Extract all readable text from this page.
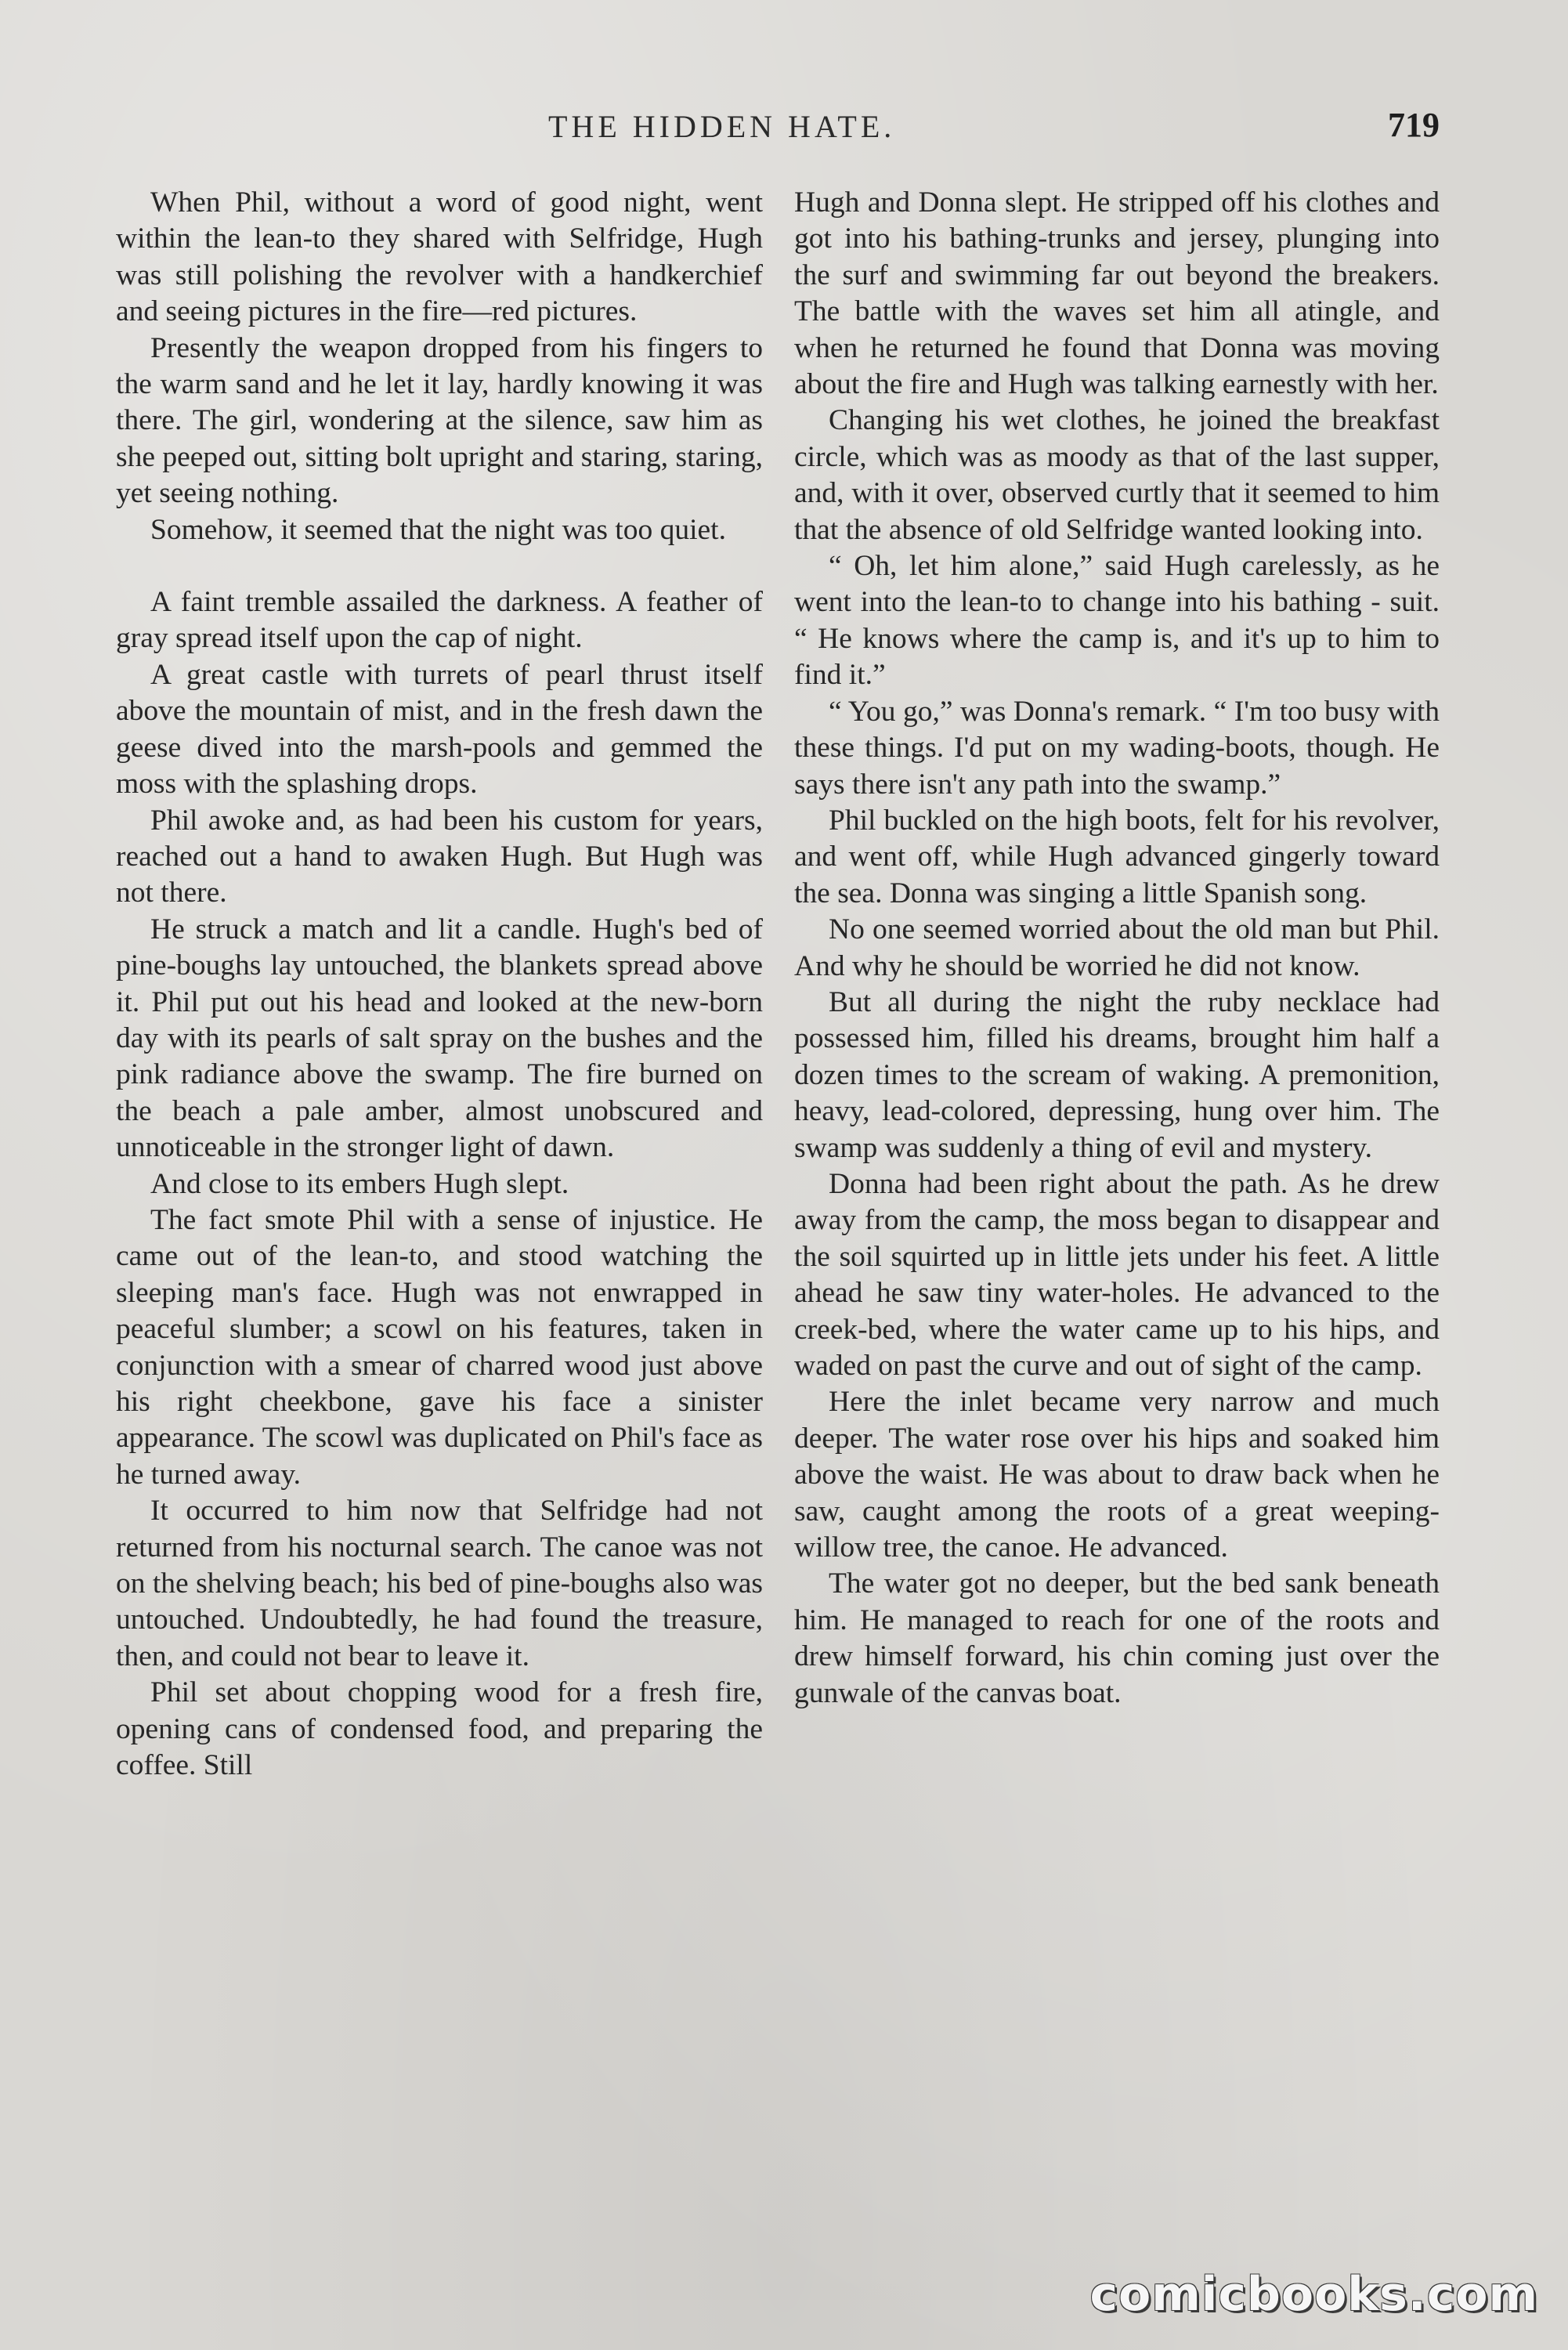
THE HIDDEN HATE.	719

When Phil, without a word of good night, went within the lean-to they shared with Selfridge, Hugh was still polishing the revolver with a handkerchief and seeing pictures in the fire—red pictures.

Presently the weapon dropped from his fingers to the warm sand and he let it lay, hardly knowing it was there. The girl, wondering at the silence, saw him as she peeped out, sitting bolt upright and staring, staring, yet seeing nothing.

Somehow, it seemed that the night was too quiet.

A faint tremble assailed the darkness. A feather of gray spread itself upon the cap of night.

A great castle with turrets of pearl thrust itself above the mountain of mist, and in the fresh dawn the geese dived into the marsh-pools and gemmed the moss with the splashing drops.

Phil awoke and, as had been his custom for years, reached out a hand to awaken Hugh. But Hugh was not there.

He struck a match and lit a candle. Hugh's bed of pine-boughs lay untouched, the blankets spread above it. Phil put out his head and looked at the new-born day with its pearls of salt spray on the bushes and the pink radiance above the swamp. The fire burned on the beach a pale amber, almost unobscured and unnoticeable in the stronger light of dawn.

And close to its embers Hugh slept.

The fact smote Phil with a sense of injustice. He came out of the lean-to, and stood watching the sleeping man's face. Hugh was not enwrapped in peaceful slumber; a scowl on his features, taken in conjunction with a smear of charred wood just above his right cheekbone, gave his face a sinister appearance. The scowl was duplicated on Phil's face as he turned away.

It occurred to him now that Selfridge had not returned from his nocturnal search. The canoe was not on the shelving beach; his bed of pine-boughs also was untouched. Undoubtedly, he had found the treasure, then, and could not bear to leave it.

Phil set about chopping wood for a fresh fire, opening cans of condensed food, and preparing the coffee. Still

Hugh and Donna slept. He stripped off his clothes and got into his bathing-trunks and jersey, plunging into the surf and swimming far out beyond the breakers. The battle with the waves set him all atingle, and when he returned he found that Donna was moving about the fire and Hugh was talking earnestly with her.

Changing his wet clothes, he joined the breakfast circle, which was as moody as that of the last supper, and, with it over, observed curtly that it seemed to him that the absence of old Selfridge wanted looking into.

“ Oh, let him alone,” said Hugh carelessly, as he went into the lean-to to change into his bathing - suit. “ He knows where the camp is, and it's up to him to find it.”

“ You go,” was Donna's remark. “ I'm too busy with these things. I'd put on my wading-boots, though. He says there isn't any path into the swamp.”

Phil buckled on the high boots, felt for his revolver, and went off, while Hugh advanced gingerly toward the sea. Donna was singing a little Spanish song.

No one seemed worried about the old man but Phil. And why he should be worried he did not know.

But all during the night the ruby necklace had possessed him, filled his dreams, brought him half a dozen times to the scream of waking. A premonition, heavy, lead-colored, depressing, hung over him. The swamp was suddenly a thing of evil and mystery.

Donna had been right about the path. As he drew away from the camp, the moss began to disappear and the soil squirted up in little jets under his feet. A little ahead he saw tiny water-holes. He advanced to the creek-bed, where the water came up to his hips, and waded on past the curve and out of sight of the camp.

Here the inlet became very narrow and much deeper. The water rose over his hips and soaked him above the waist. He was about to draw back when he saw, caught among the roots of a great weeping-willow tree, the canoe. He advanced.

The water got no deeper, but the bed sank beneath him. He managed to reach for one of the roots and drew himself forward, his chin coming just over the gunwale of the canvas boat.

comicbooks.com
